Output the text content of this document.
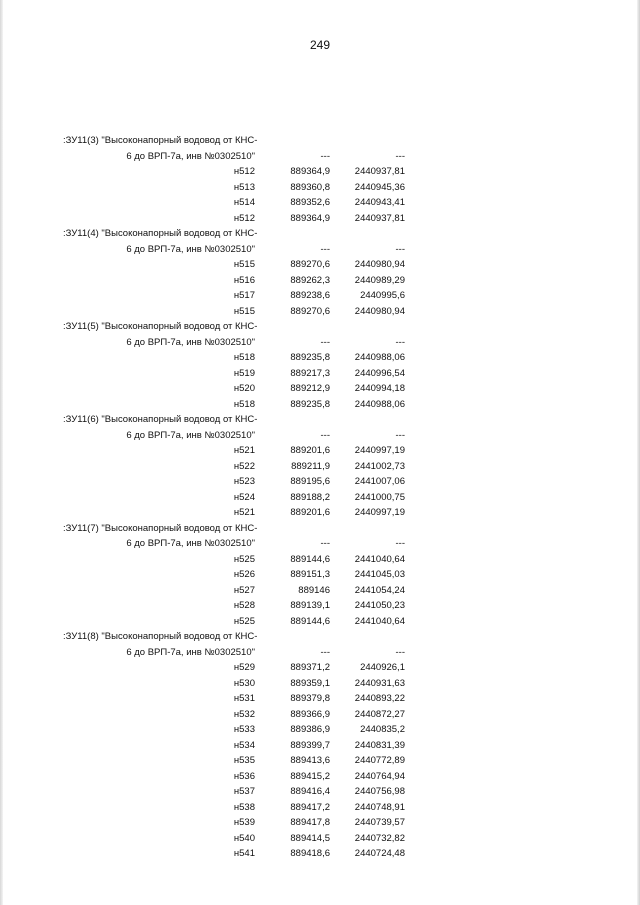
249
:ЗУ11(3) "Высоконапорный водовод от КНС-
6 до ВРП-7а, инв №0302510"	---	---
н512	889364,9	2440937,81
н513	889360,8	2440945,36
н514	889352,6	2440943,41
н512	889364,9	2440937,81
:ЗУ11(4) "Высоконапорный водовод от КНС-
6 до ВРП-7а, инв №0302510"	---	---
н515	889270,6	2440980,94
н516	889262,3	2440989,29
н517	889238,6	2440995,6
н515	889270,6	2440980,94
:ЗУ11(5) "Высоконапорный водовод от КНС-
6 до ВРП-7а, инв №0302510"	---	---
н518	889235,8	2440988,06
н519	889217,3	2440996,54
н520	889212,9	2440994,18
н518	889235,8	2440988,06
:ЗУ11(6) "Высоконапорный водовод от КНС-
6 до ВРП-7а, инв №0302510"	---	---
н521	889201,6	2440997,19
н522	889211,9	2441002,73
н523	889195,6	2441007,06
н524	889188,2	2441000,75
н521	889201,6	2440997,19
:ЗУ11(7) "Высоконапорный водовод от КНС-
6 до ВРП-7а, инв №0302510"	---	---
н525	889144,6	2441040,64
н526	889151,3	2441045,03
н527	889146	2441054,24
н528	889139,1	2441050,23
н525	889144,6	2441040,64
:ЗУ11(8) "Высоконапорный водовод от КНС-
6 до ВРП-7а, инв №0302510"	---	---
н529	889371,2	2440926,1
н530	889359,1	2440931,63
н531	889379,8	2440893,22
н532	889366,9	2440872,27
н533	889386,9	2440835,2
н534	889399,7	2440831,39
н535	889413,6	2440772,89
н536	889415,2	2440764,94
н537	889416,4	2440756,98
н538	889417,2	2440748,91
н539	889417,8	2440739,57
н540	889414,5	2440732,82
н541	889418,6	2440724,48
